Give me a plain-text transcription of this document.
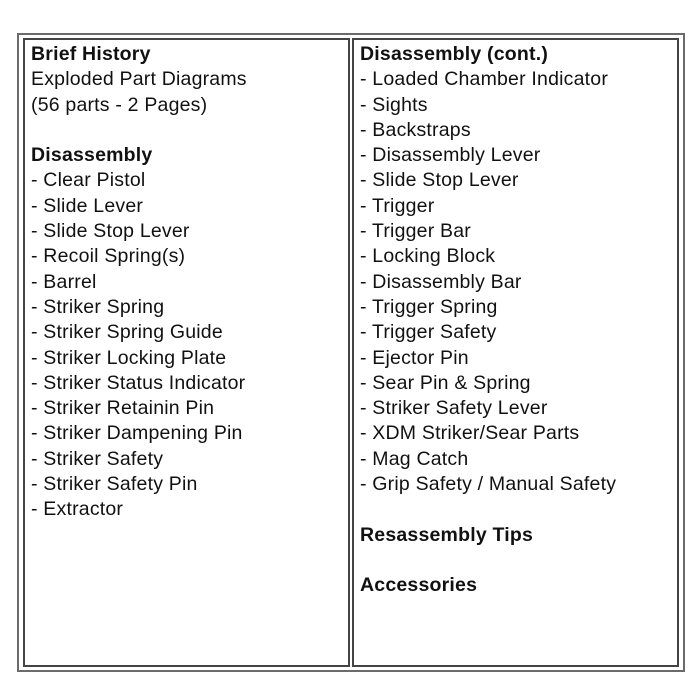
Brief History
Exploded Part Diagrams
(56 parts - 2 Pages)
Disassembly
- Clear Pistol
- Slide Lever
- Slide Stop Lever
- Recoil Spring(s)
- Barrel
- Striker Spring
- Striker Spring Guide
- Striker Locking Plate
- Striker Status Indicator
- Striker Retainin Pin
- Striker Dampening Pin
- Striker Safety
- Striker Safety Pin
- Extractor
Disassembly (cont.)
- Loaded Chamber Indicator
- Sights
- Backstraps
- Disassembly Lever
- Slide Stop Lever
- Trigger
- Trigger Bar
- Locking Block
- Disassembly Bar
- Trigger Spring
- Trigger Safety
- Ejector Pin
- Sear Pin & Spring
- Striker Safety Lever
- XDM Striker/Sear Parts
- Mag Catch
- Grip Safety / Manual Safety
Resassembly Tips
Accessories
